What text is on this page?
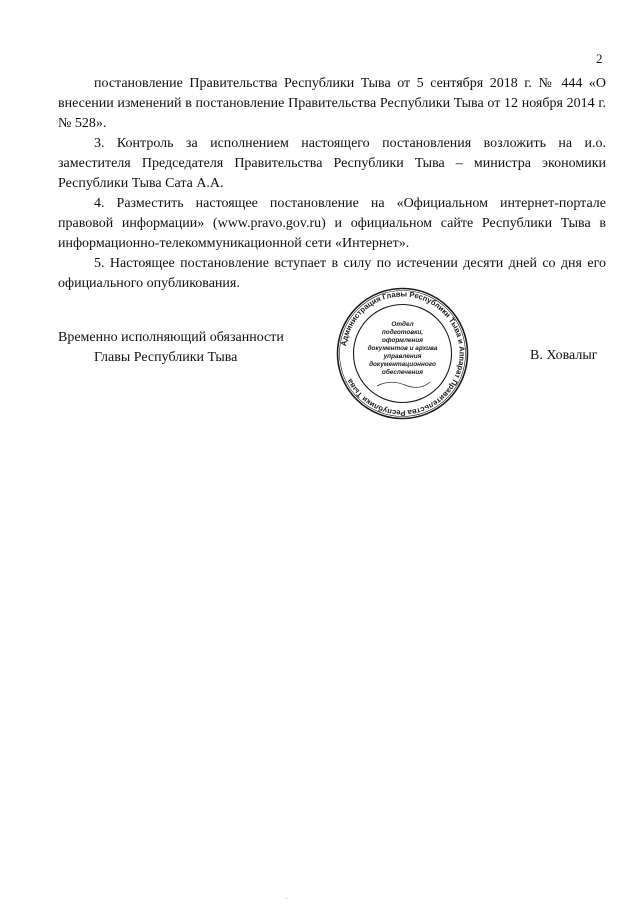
2

постановление Правительства Республики Тыва от 5 сентября 2018 г. № 444 «О внесении изменений в постановление Правительства Республики Тыва от 12 ноября 2014 г. № 528».

3. Контроль за исполнением настоящего постановления возложить на и.о. заместителя Председателя Правительства Республики Тыва – министра экономики Республики Тыва Сата А.А.

4. Разместить настоящее постановление на «Официальном интернет-портале правовой информации» (www.pravo.gov.ru) и официальном сайте Республики Тыва в информационно-телекоммуникационной сети «Интернет».

5. Настоящее постановление вступает в силу по истечении десяти дней со дня его официального опубликования.

Временно исполняющий обязанности
Главы Республики Тыва
Администрация Главы Республики Тыва и Аппарат Правительства Республики Тыва
Отдел
подготовки,
оформления
документов и архива
управления
документационного
обеспечения
В. Ховалыг
.
